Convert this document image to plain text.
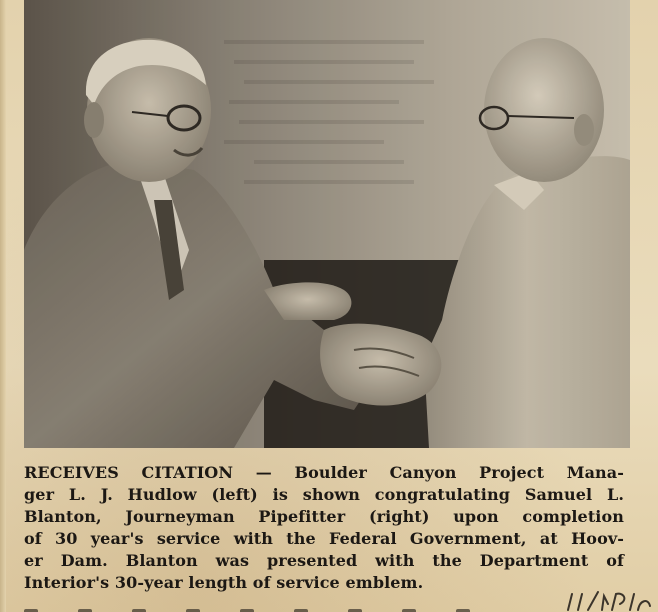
RECEIVES CITATION — Boulder Canyon Project Mana-
ger L. J. Hudlow (left) is shown congratulating Samuel L.
Blanton, Journeyman Pipefitter (right) upon completion
of 30 year's service with the Federal Government, at Hoov-
er Dam. Blanton was presented with the Department of
Interior's 30-year length of service emblem.
